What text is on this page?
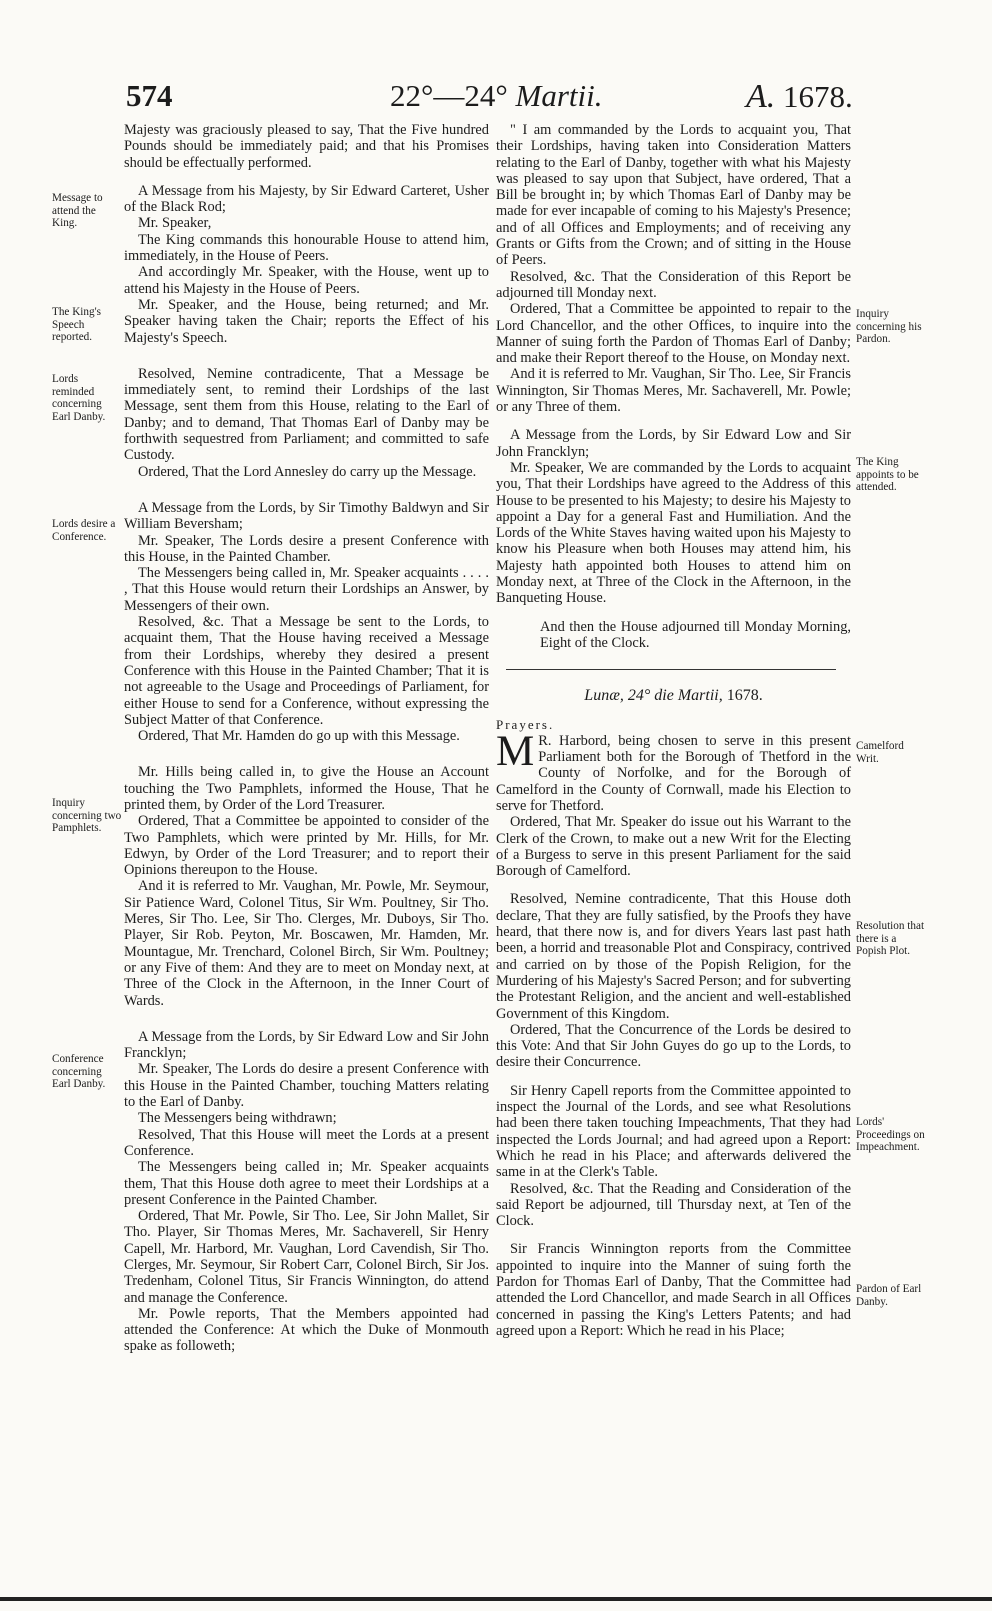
574	22°—24° Martii.	A. 1678.
Message to attend the King.
The King's Speech reported.
Lords reminded concerning Earl Danby.
Lords desire a Conference.
Inquiry concerning two Pamphlets.
Conference concerning Earl Danby.
Inquiry concerning his Pardon.
The King appoints to be attended.
Camelford Writ.
Resolution that there is a Popish Plot.
Lords' Proceedings on Impeachment.
Pardon of Earl Danby.

Majesty was graciously pleased to say, That the Five hundred Pounds should be immediately paid; and that his Promises should be effectually performed.

A Message from his Majesty, by Sir Edward Carteret, Usher of the Black Rod;

Mr. Speaker,

The King commands this honourable House to attend him, immediately, in the House of Peers.

And accordingly Mr. Speaker, with the House, went up to attend his Majesty in the House of Peers.

Mr. Speaker, and the House, being returned; and Mr. Speaker having taken the Chair; reports the Effect of his Majesty's Speech.

Resolved, Nemine contradicente, That a Message be immediately sent, to remind their Lordships of the last Message, sent them from this House, relating to the Earl of Danby; and to demand, That Thomas Earl of Danby may be forthwith sequestred from Parliament; and committed to safe Custody.

Ordered, That the Lord Annesley do carry up the Message.

A Message from the Lords, by Sir Timothy Baldwyn and Sir William Beversham;

Mr. Speaker, The Lords desire a present Conference with this House, in the Painted Chamber.

The Messengers being called in, Mr. Speaker acquaints . . . . , That this House would return their Lordships an Answer, by Messengers of their own.

Resolved, &c. That a Message be sent to the Lords, to acquaint them, That the House having received a Message from their Lordships, whereby they desired a present Conference with this House in the Painted Chamber; That it is not agreeable to the Usage and Proceedings of Parliament, for either House to send for a Conference, without expressing the Subject Matter of that Conference.

Ordered, That Mr. Hamden do go up with this Message.

Mr. Hills being called in, to give the House an Account touching the Two Pamphlets, informed the House, That he printed them, by Order of the Lord Treasurer.

Ordered, That a Committee be appointed to consider of the Two Pamphlets, which were printed by Mr. Hills, for Mr. Edwyn, by Order of the Lord Treasurer; and to report their Opinions thereupon to the House.

And it is referred to Mr. Vaughan, Mr. Powle, Mr. Seymour, Sir Patience Ward, Colonel Titus, Sir Wm. Poultney, Sir Tho. Meres, Sir Tho. Lee, Sir Tho. Clerges, Mr. Duboys, Sir Tho. Player, Sir Rob. Peyton, Mr. Boscawen, Mr. Hamden, Mr. Mountague, Mr. Trenchard, Colonel Birch, Sir Wm. Poultney; or any Five of them: And they are to meet on Monday next, at Three of the Clock in the Afternoon, in the Inner Court of Wards.

A Message from the Lords, by Sir Edward Low and Sir John Francklyn;

Mr. Speaker, The Lords do desire a present Conference with this House in the Painted Chamber, touching Matters relating to the Earl of Danby.

The Messengers being withdrawn;

Resolved, That this House will meet the Lords at a present Conference.

The Messengers being called in; Mr. Speaker acquaints them, That this House doth agree to meet their Lordships at a present Conference in the Painted Chamber.

Ordered, That Mr. Powle, Sir Tho. Lee, Sir John Mallet, Sir Tho. Player, Sir Thomas Meres, Mr. Sachaverell, Sir Henry Capell, Mr. Harbord, Mr. Vaughan, Lord Cavendish, Sir Tho. Clerges, Mr. Seymour, Sir Robert Carr, Colonel Birch, Sir Jos. Tredenham, Colonel Titus, Sir Francis Winnington, do attend and manage the Conference.

Mr. Powle reports, That the Members appointed had attended the Conference: At which the Duke of Monmouth spake as followeth;

" I am commanded by the Lords to acquaint you, That their Lordships, having taken into Consideration Matters relating to the Earl of Danby, together with what his Majesty was pleased to say upon that Subject, have ordered, That a Bill be brought in; by which Thomas Earl of Danby may be made for ever incapable of coming to his Majesty's Presence; and of all Offices and Employments; and of receiving any Grants or Gifts from the Crown; and of sitting in the House of Peers.

Resolved, &c. That the Consideration of this Report be adjourned till Monday next.

Ordered, That a Committee be appointed to repair to the Lord Chancellor, and the other Offices, to inquire into the Manner of suing forth the Pardon of Thomas Earl of Danby; and make their Report thereof to the House, on Monday next.

And it is referred to Mr. Vaughan, Sir Tho. Lee, Sir Francis Winnington, Sir Thomas Meres, Mr. Sachaverell, Mr. Powle; or any Three of them.

A Message from the Lords, by Sir Edward Low and Sir John Francklyn;

Mr. Speaker, We are commanded by the Lords to acquaint you, That their Lordships have agreed to the Address of this House to be presented to his Majesty; to desire his Majesty to appoint a Day for a general Fast and Humiliation. And the Lords of the White Staves having waited upon his Majesty to know his Pleasure when both Houses may attend him, his Majesty hath appointed both Houses to attend him on Monday next, at Three of the Clock in the Afternoon, in the Banqueting House.

And then the House adjourned till Monday Morning, Eight of the Clock.

Lunæ, 24° die Martii, 1678.

Prayers.

M R. Harbord, being chosen to serve in this present Parliament both for the Borough of Thetford in the County of Norfolke, and for the Borough of Camelford in the County of Cornwall, made his Election to serve for Thetford.

Ordered, That Mr. Speaker do issue out his Warrant to the Clerk of the Crown, to make out a new Writ for the Electing of a Burgess to serve in this present Parliament for the said Borough of Camelford.

Resolved, Nemine contradicente, That this House doth declare, That they are fully satisfied, by the Proofs they have heard, that there now is, and for divers Years last past hath been, a horrid and treasonable Plot and Conspiracy, contrived and carried on by those of the Popish Religion, for the Murdering of his Majesty's Sacred Person; and for subverting the Protestant Religion, and the ancient and well-established Government of this Kingdom.

Ordered, That the Concurrence of the Lords be desired to this Vote: And that Sir John Guyes do go up to the Lords, to desire their Concurrence.

Sir Henry Capell reports from the Committee appointed to inspect the Journal of the Lords, and see what Resolutions had been there taken touching Impeachments, That they had inspected the Lords Journal; and had agreed upon a Report: Which he read in his Place; and afterwards delivered the same in at the Clerk's Table.

Resolved, &c. That the Reading and Consideration of the said Report be adjourned, till Thursday next, at Ten of the Clock.

Sir Francis Winnington reports from the Committee appointed to inquire into the Manner of suing forth the Pardon for Thomas Earl of Danby, That the Committee had attended the Lord Chancellor, and made Search in all Offices concerned in passing the King's Letters Patents; and had agreed upon a Report: Which he read in his Place;
